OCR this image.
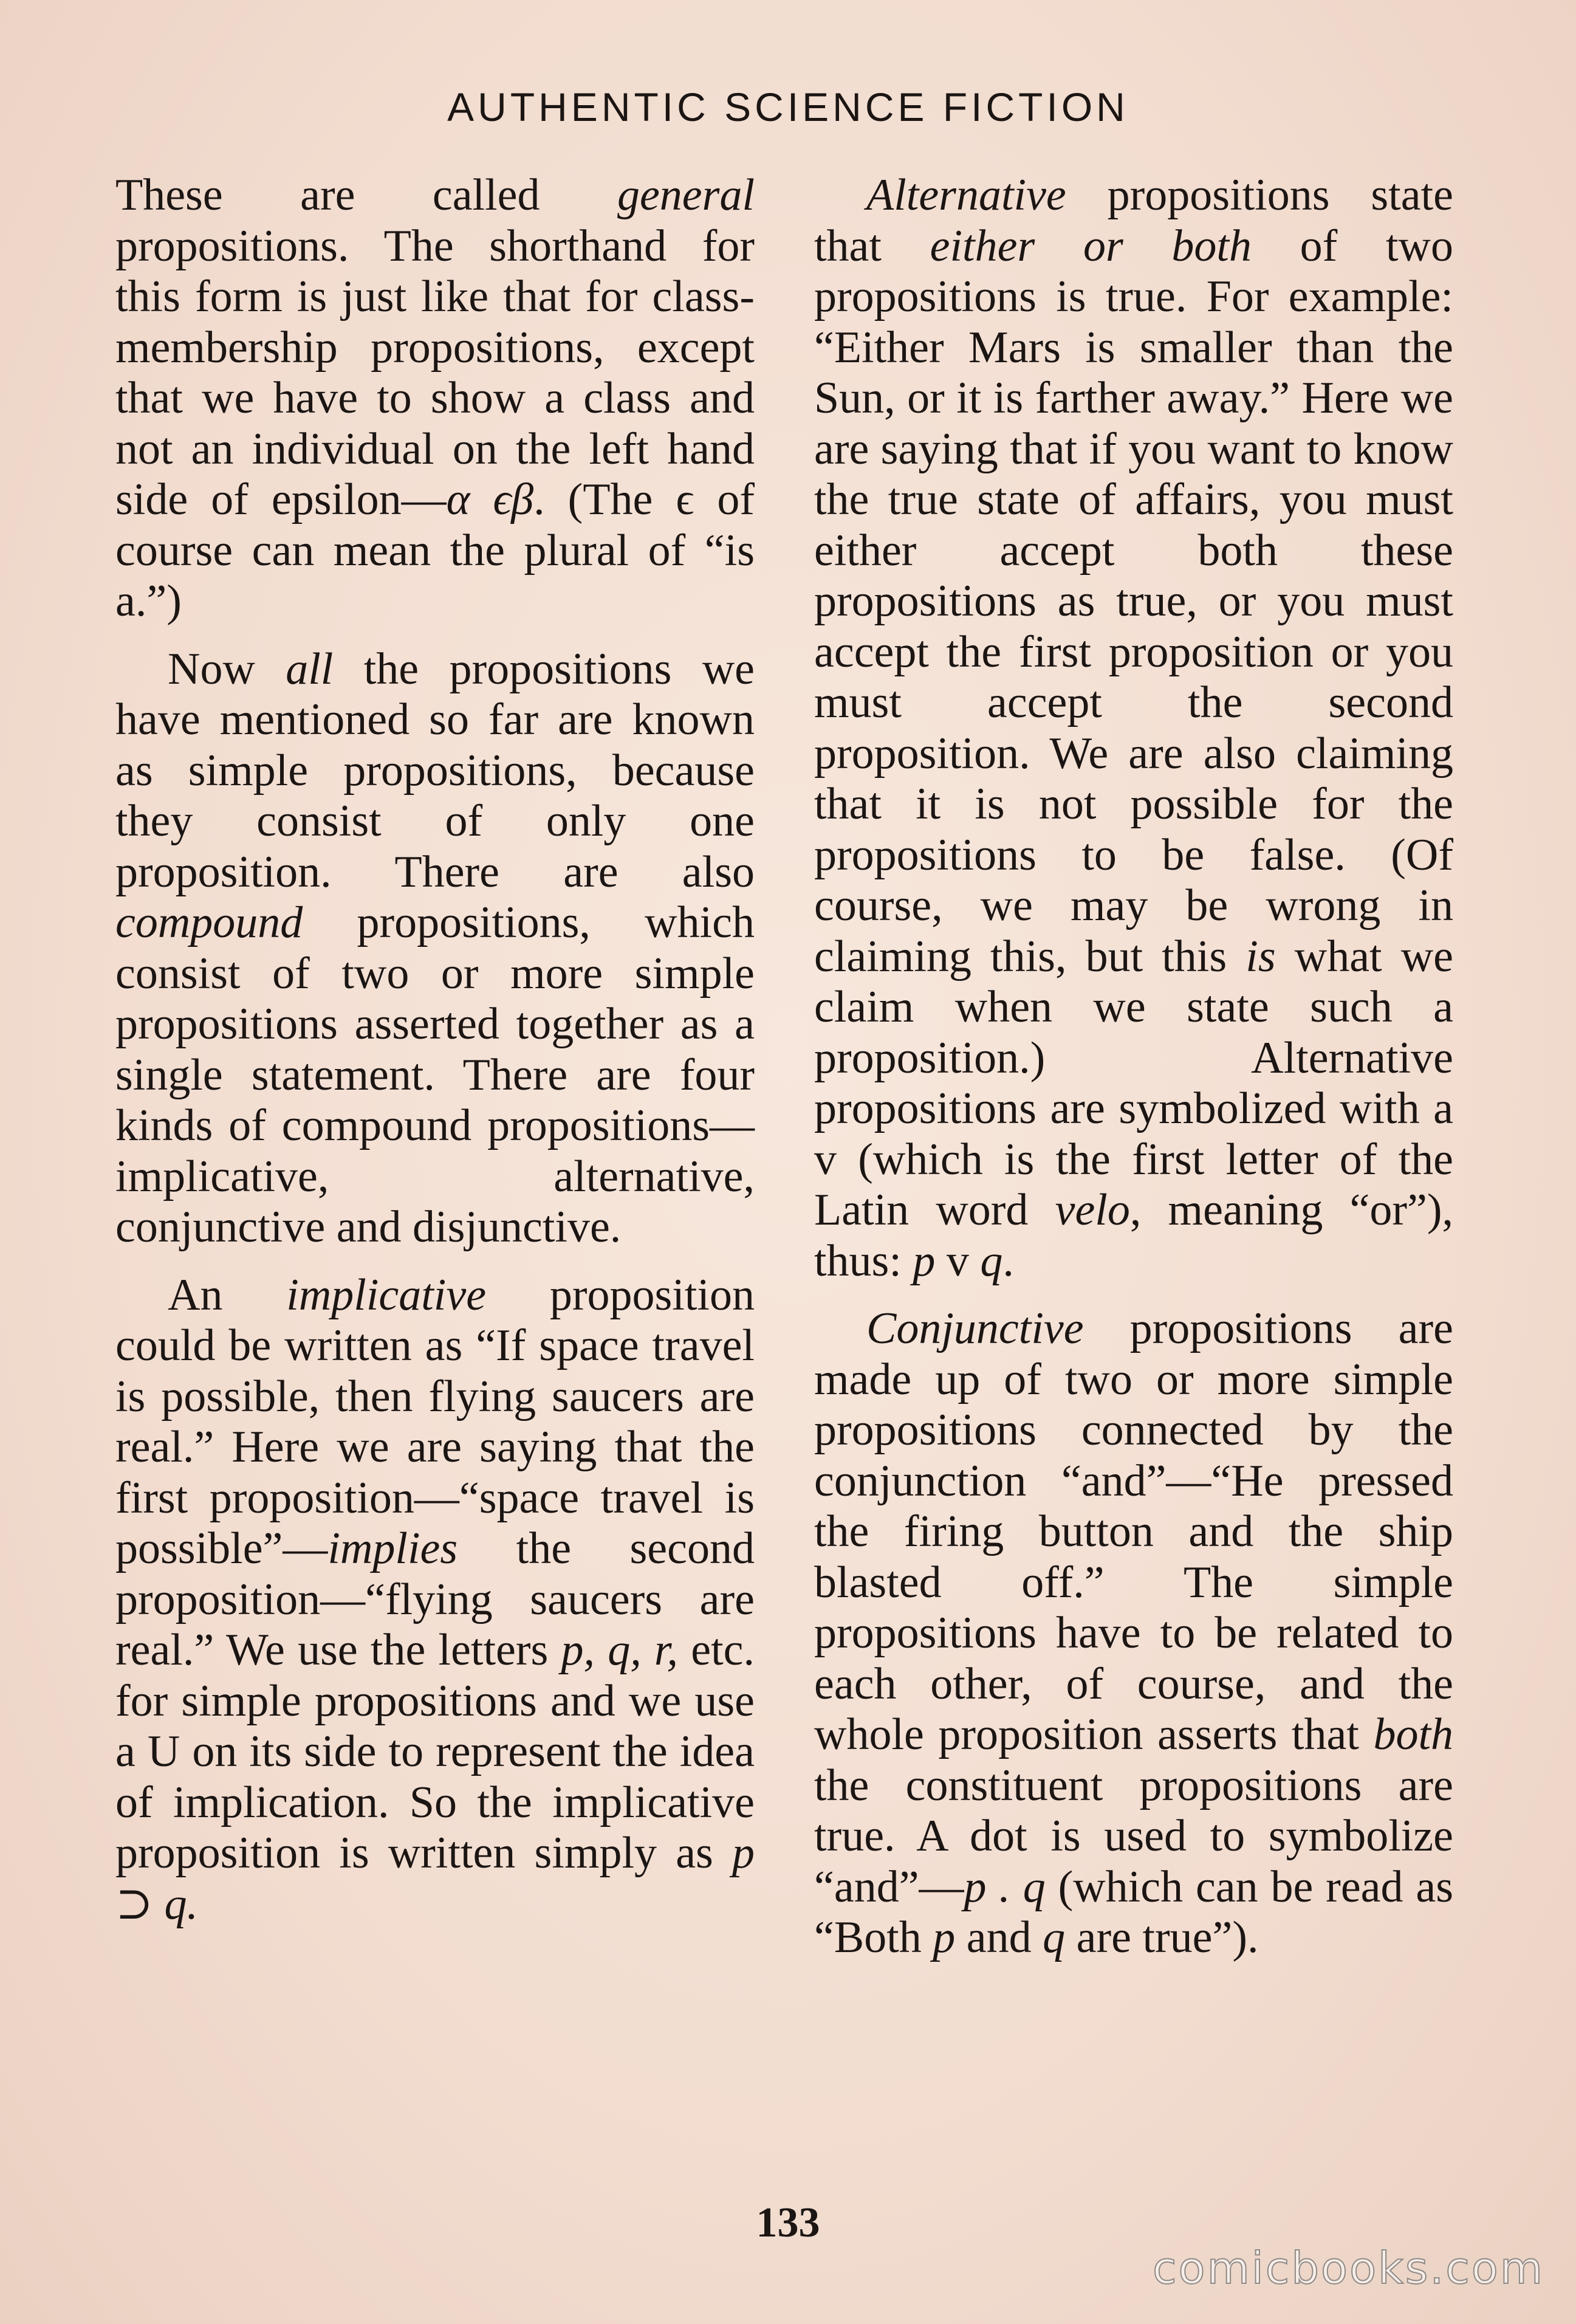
AUTHENTIC SCIENCE FICTION

These are called general propositions. The shorthand for this form is just like that for class-membership propositions, except that we have to show a class and not an individual on the left hand side of epsilon—α ϵβ. (The ϵ of course can mean the plural of “is a.”)

Now all the propositions we have mentioned so far are known as simple propositions, because they consist of only one proposition. There are also compound propositions, which consist of two or more simple propositions asserted together as a single statement. There are four kinds of compound propositions—implicative, alternative, conjunctive and disjunctive.

An implicative proposition could be written as “If space travel is possible, then flying saucers are real.” Here we are saying that the first proposition—“space travel is possible”—implies the second proposition—“flying saucers are real.” We use the letters p, q, r, etc. for simple propositions and we use a U on its side to represent the idea of implication. So the implicative proposition is written simply as p ⊃ q.

Alternative propositions state that either or both of two propositions is true. For example: “Either Mars is smaller than the Sun, or it is farther away.” Here we are saying that if you want to know the true state of affairs, you must either accept both these propositions as true, or you must accept the first proposition or you must accept the second proposition. We are also claiming that it is not possible for the propositions to be false. (Of course, we may be wrong in claiming this, but this is what we claim when we state such a proposition.) Alternative propositions are symbolized with a v (which is the first letter of the Latin word velo, meaning “or”), thus: p v q.

Conjunctive propositions are made up of two or more simple propositions connected by the conjunction “and”—“He pressed the firing button and the ship blasted off.” The simple propositions have to be related to each other, of course, and the whole proposition asserts that both the constituent propositions are true. A dot is used to symbolize “and”—p . q (which can be read as “Both p and q are true”).

133
comicbooks.com
